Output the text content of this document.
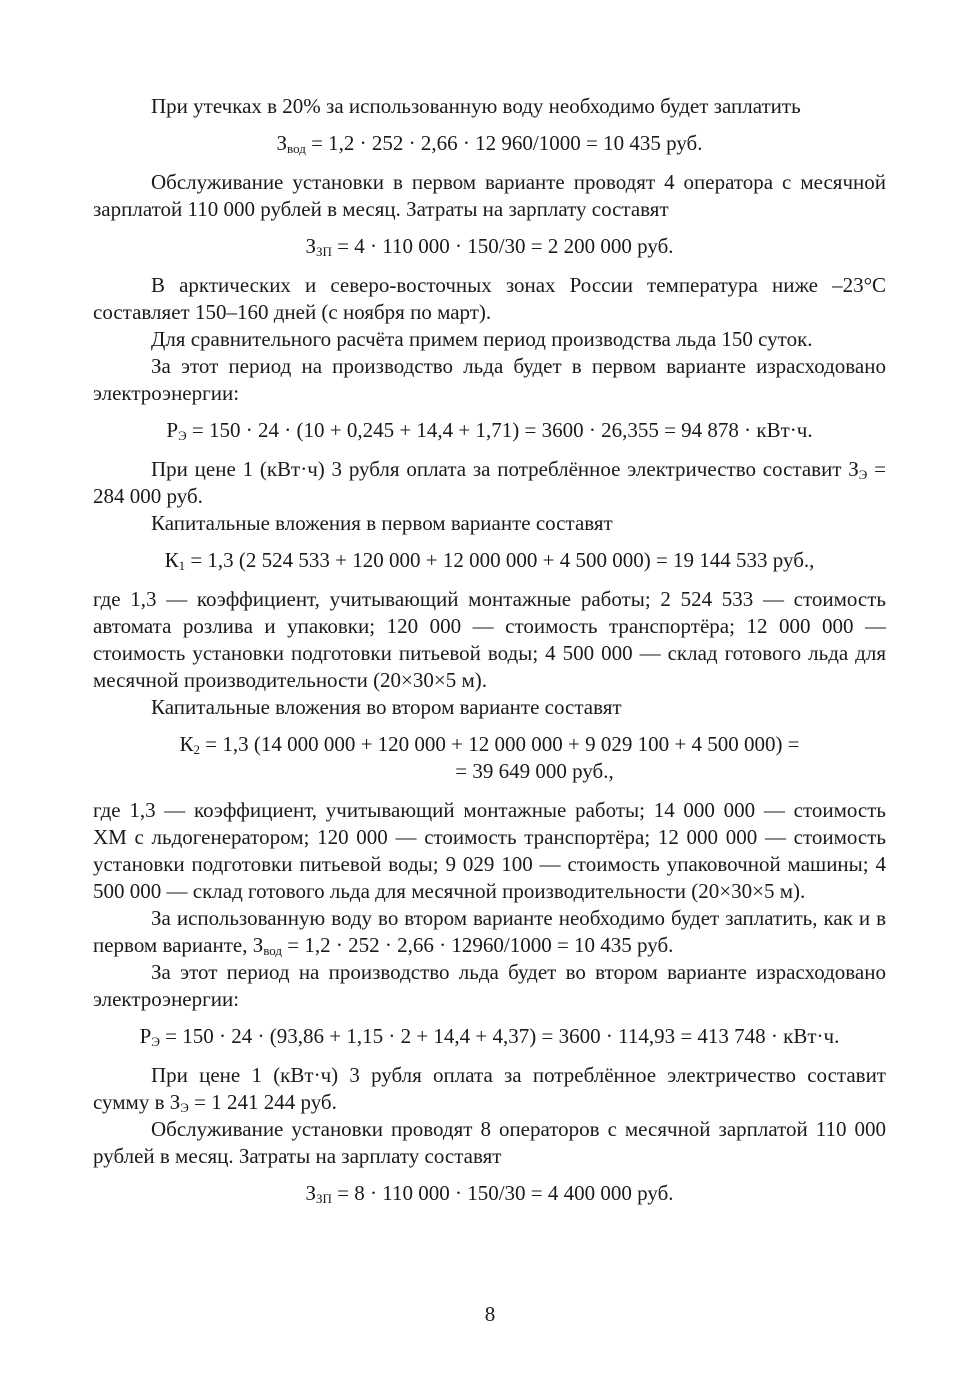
При утечках в 20% за использованную воду необходимо будет заплатить

$З_{вод} = 1,2 \cdot 252 \cdot 2,66 \cdot 12$ 960/1000 = 10 435 руб.

Обслуживание установки в первом варианте проводят 4 оператора с месячной зарплатой 110 000 рублей в месяц. Затраты на зарплату составят

$З_{ЗП} = 4 \cdot 110$ 000 · 150/30 = 2 200 000 руб.

В арктических и северо-восточных зонах России температура ниже –23°С составляет 150–160 дней (с ноября по март).

Для сравнительного расчёта примем период производства льда 150 суток.

За этот период на производство льда будет в первом варианте израсходовано электроэнергии:

$Р_Э = 150 \cdot 24 \cdot (10 + 0,245 + 14,4 + 1,71) = 3600 \cdot 26,355 = 94$ 878 · кВт·ч.

При цене 1 (кВт·ч) 3 рубля оплата за потреблённое электричество составит $З_Э = 284$ 000 руб.

Капитальные вложения в первом варианте составят

$К_1 = 1,3$ (2 524 533 + 120 000 + 12 000 000 + 4 500 000) = 19 144 533 руб.,

где 1,3 — коэффициент, учитывающий монтажные работы; 2 524 533 — стоимость автомата розлива и упаковки; 120 000 — стоимость транспортёра; 12 000 000 — стоимость установки подготовки питьевой воды; 4 500 000 — склад готового льда для месячной производительности (20×30×5 м).

Капитальные вложения во втором варианте составят

$К_2 = 1,3$ (14 000 000 + 120 000 + 12 000 000 + 9 029 100 + 4 500 000) =
= 39 649 000 руб.,

где 1,3 — коэффициент, учитывающий монтажные работы; 14 000 000 — стоимость ХМ с льдогенератором; 120 000 — стоимость транспортёра; 12 000 000 — стоимость установки подготовки питьевой воды; 9 029 100 — стоимость упаковочной машины; 4 500 000 — склад готового льда для месячной производительности (20×30×5 м).

За использованную воду во втором варианте необходимо будет заплатить, как и в первом варианте, $З_{вод} = 1,2 \cdot 252 \cdot 2,66 \cdot 12960/1000 = 10$ 435 руб.

За этот период на производство льда будет во втором варианте израсходовано электроэнергии:

$Р_Э = 150 \cdot 24 \cdot (93,86 + 1,15 \cdot 2 + 14,4 + 4,37) = 3600 \cdot 114,93 = 413$ 748 · кВт·ч.

При цене 1 (кВт·ч) 3 рубля оплата за потреблённое электричество составит сумму в $З_Э = 1$ 241 244 руб.

Обслуживание установки проводят 8 операторов с месячной зарплатой 110 000 рублей в месяц. Затраты на зарплату составят

$З_{ЗП} = 8 \cdot 110$ 000 · 150/30 = 4 400 000 руб.

8
